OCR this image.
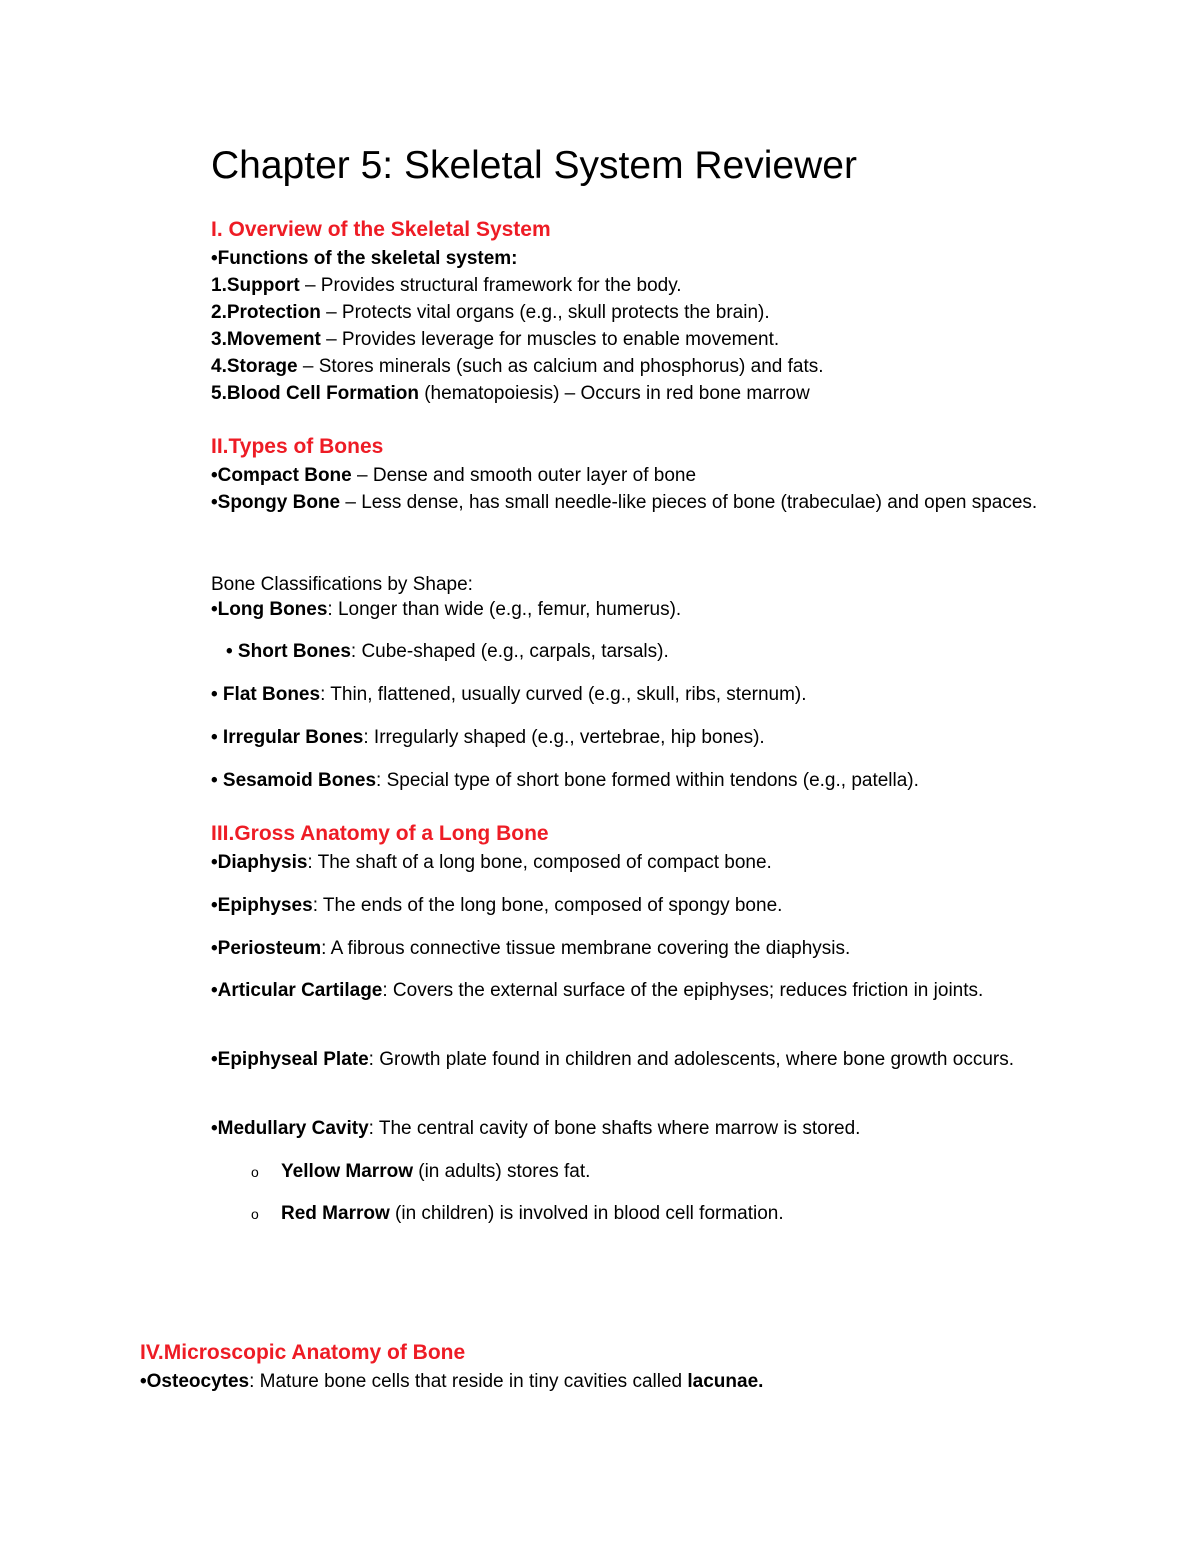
Chapter 5: Skeletal System Reviewer
I. Overview of the Skeletal System

•Functions of the skeletal system:

1.Support – Provides structural framework for the body.

2.Protection – Protects vital organs (e.g., skull protects the brain).

3.Movement – Provides leverage for muscles to enable movement.

4.Storage – Stores minerals (such as calcium and phosphorus) and fats.

5.Blood Cell Formation (hematopoiesis) – Occurs in red bone marrow

II.Types of Bones

•Compact Bone – Dense and smooth outer layer of bone

•Spongy Bone – Less dense, has small needle-like pieces of bone (trabeculae) and open spaces.

Bone Classifications by Shape:

•Long Bones: Longer than wide (e.g., femur, humerus).

• Short Bones: Cube-shaped (e.g., carpals, tarsals).

• Flat Bones: Thin, flattened, usually curved (e.g., skull, ribs, sternum).

• Irregular Bones: Irregularly shaped (e.g., vertebrae, hip bones).

• Sesamoid Bones: Special type of short bone formed within tendons (e.g., patella).

III.Gross Anatomy of a Long Bone

•Diaphysis: The shaft of a long bone, composed of compact bone.

•Epiphyses: The ends of the long bone, composed of spongy bone.

•Periosteum: A fibrous connective tissue membrane covering the diaphysis.

•Articular Cartilage: Covers the external surface of the epiphyses; reduces friction in joints.

•Epiphyseal Plate: Growth plate found in children and adolescents, where bone growth occurs.

•Medullary Cavity: The central cavity of bone shafts where marrow is stored.

o Yellow Marrow (in adults) stores fat.

o Red Marrow (in children) is involved in blood cell formation.

IV.Microscopic Anatomy of Bone

•Osteocytes: Mature bone cells that reside in tiny cavities called lacunae.
